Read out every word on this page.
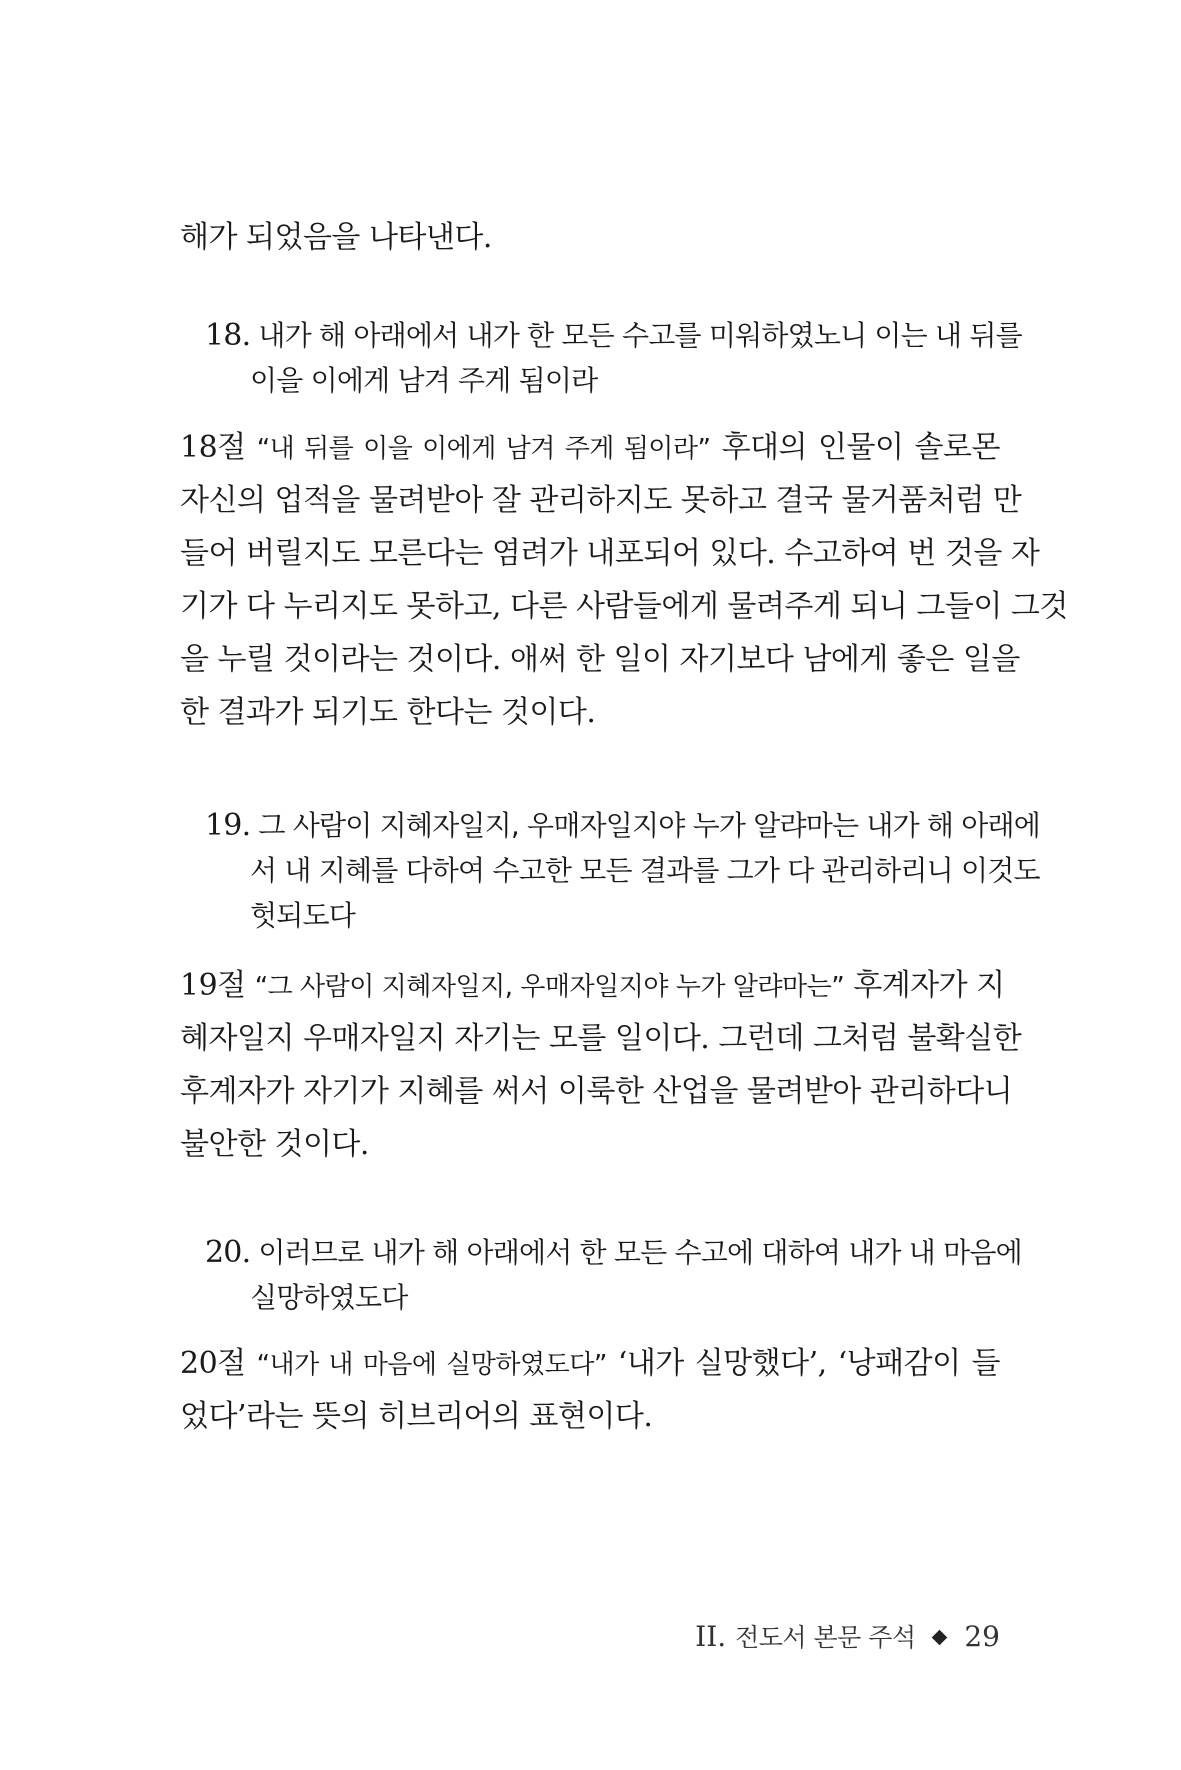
해가 되었음을 나타낸다.
18. 내가 해 아래에서 내가 한 모든 수고를 미워하였노니 이는 내 뒤를
이을 이에게 남겨 주게 됨이라
18절 “내 뒤를 이을 이에게 남겨 주게 됨이라” 후대의 인물이 솔로몬
자신의 업적을 물려받아 잘 관리하지도 못하고 결국 물거품처럼 만
들어 버릴지도 모른다는 염려가 내포되어 있다. 수고하여 번 것을 자
기가 다 누리지도 못하고, 다른 사람들에게 물려주게 되니 그들이 그것
을 누릴 것이라는 것이다. 애써 한 일이 자기보다 남에게 좋은 일을
한 결과가 되기도 한다는 것이다.
19. 그 사람이 지혜자일지, 우매자일지야 누가 알랴마는 내가 해 아래에
서 내 지혜를 다하여 수고한 모든 결과를 그가 다 관리하리니 이것도
헛되도다
19절 “그 사람이 지혜자일지, 우매자일지야 누가 알랴마는” 후계자가 지
혜자일지 우매자일지 자기는 모를 일이다. 그런데 그처럼 불확실한
후계자가 자기가 지혜를 써서 이룩한 산업을 물려받아 관리하다니
불안한 것이다.
20. 이러므로 내가 해 아래에서 한 모든 수고에 대하여 내가 내 마음에
실망하였도다
20절 “내가 내 마음에 실망하였도다” ‘내가 실망했다’, ‘낭패감이 들
었다’라는 뜻의 히브리어의 표현이다.
II. 전도서 본문 주석 29
